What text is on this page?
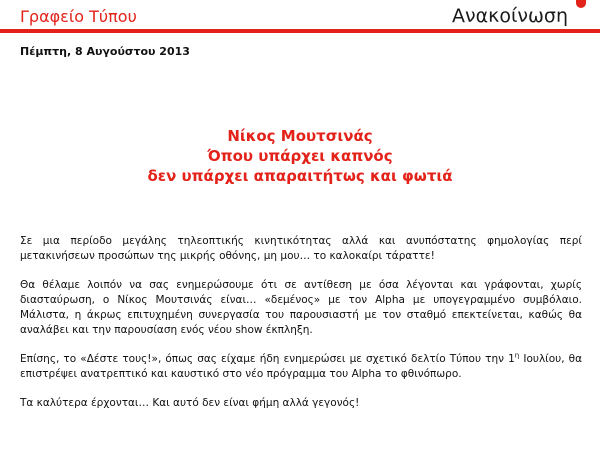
Γραφείο Τύπου	Ανακοίνωση
Πέμπτη, 8 Αυγούστου 2013
Νίκος Μουτσινάς
Όπου υπάρχει καπνός
δεν υπάρχει απαραιτήτως και φωτιά

Σε μια περίοδο μεγάλης τηλεοπτικής κινητικότητας αλλά και ανυπόστατης φημολογίας περί μετακινήσεων προσώπων της μικρής οθόνης, μη μου… το καλοκαίρι τάραττε!

Θα θέλαμε λοιπόν να σας ενημερώσουμε ότι σε αντίθεση με όσα λέγονται και γράφονται, χωρίς διασταύρωση, ο Νίκος Μουτσινάς είναι… «δεμένος» με τον Alpha με υπογεγραμμένο συμβόλαιο. Μάλιστα, η άκρως επιτυχημένη συνεργασία του παρουσιαστή με τον σταθμό επεκτείνεται, καθώς θα αναλάβει και την παρουσίαση ενός νέου show έκπληξη.

Επίσης, το «Δέστε τους!», όπως σας είχαμε ήδη ενημερώσει με σχετικό δελτίο Τύπου την $1^\eta$ Ιουλίου, θα επιστρέψει ανατρεπτικό και καυστικό στο νέο πρόγραμμα του Alpha το φθινόπωρο.

Τα καλύτερα έρχονται… Και αυτό δεν είναι φήμη αλλά γεγονός!
